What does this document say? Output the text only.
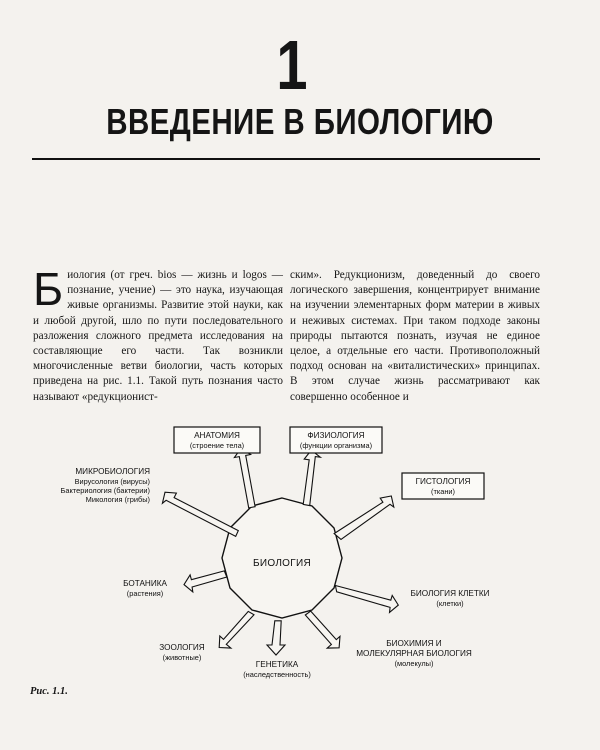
1
ВВЕДЕНИЕ В БИОЛОГИЮ
Биология (от греч. bios — жизнь и logos — познание, учение) — это наука, изучающая живые организмы. Развитие этой науки, как и любой другой, шло по пути последовательного разложения сложного предмета исследования на составляющие его части. Так возникли многочисленные ветви биологии, часть которых приведена на рис. 1.1. Такой путь познания часто называют «редукционист-
ским». Редукционизм, доведенный до своего логического завершения, концентрирует внимание на изучении элементарных форм материи в живых и неживых системах. При таком подходе законы природы пытаются познать, изучая не единое целое, а отдельные его части. Противоположный подход основан на «виталистических» принципах. В этом случае жизнь рассматривают как совершенно особенное и
БИОЛОГИЯ
АНАТОМИЯ
(строение тела)
ФИЗИОЛОГИЯ
(функции организма)
ГИСТОЛОГИЯ
(ткани)
БИОЛОГИЯ КЛЕТКИ
(клетки)
БИОХИМИЯ И
МОЛЕКУЛЯРНАЯ БИОЛОГИЯ
(молекулы)
ГЕНЕТИКА
(наследственность)
ЗООЛОГИЯ
(животные)
БОТАНИКА
(растения)
МИКРОБИОЛОГИЯ
Вирусология (вирусы)
Бактериология (бактерии)
Микология (грибы)
Рис. 1.1.
